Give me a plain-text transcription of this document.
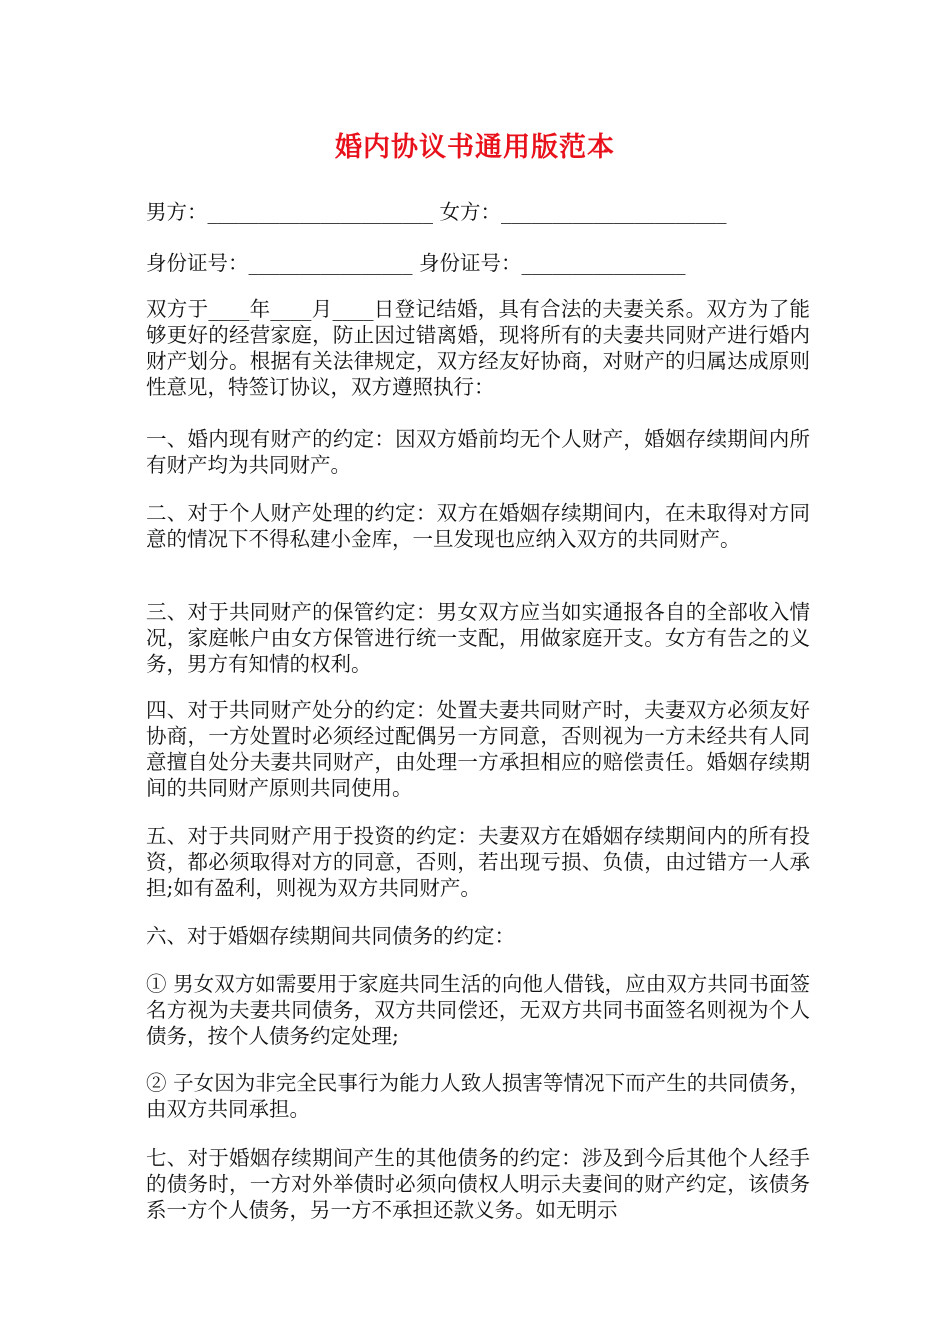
婚内协议书通用版范本
男方：______________________ 女方：______________________
身份证号：________________ 身份证号：________________

双方于____年____月____日登记结婚，具有合法的夫妻关系。双方为了能够更好的经营家庭，防止因过错离婚，现将所有的夫妻共同财产进行婚内财产划分。根据有关法律规定，双方经友好协商，对财产的归属达成原则性意见，特签订协议，双方遵照执行：

一、婚内现有财产的约定：因双方婚前均无个人财产，婚姻存续期间内所有财产均为共同财产。

二、对于个人财产处理的约定：双方在婚姻存续期间内，在未取得对方同意的情况下不得私建小金库，一旦发现也应纳入双方的共同财产。

三、对于共同财产的保管约定：男女双方应当如实通报各自的全部收入情况，家庭帐户由女方保管进行统一支配，用做家庭开支。女方有告之的义务，男方有知情的权利。

四、对于共同财产处分的约定：处置夫妻共同财产时，夫妻双方必须友好协商，一方处置时必须经过配偶另一方同意，否则视为一方未经共有人同意擅自处分夫妻共同财产，由处理一方承担相应的赔偿责任。婚姻存续期间的共同财产原则共同使用。

五、对于共同财产用于投资的约定：夫妻双方在婚姻存续期间内的所有投资，都必须取得对方的同意，否则，若出现亏损、负债，由过错方一人承担;如有盈利，则视为双方共同财产。

六、对于婚姻存续期间共同债务的约定：

① 男女双方如需要用于家庭共同生活的向他人借钱，应由双方共同书面签名方视为夫妻共同债务，双方共同偿还，无双方共同书面签名则视为个人债务，按个人债务约定处理;

② 子女因为非完全民事行为能力人致人损害等情况下而产生的共同债务，由双方共同承担。

七、对于婚姻存续期间产生的其他债务的约定：涉及到今后其他个人经手的债务时，一方对外举债时必须向债权人明示夫妻间的财产约定，该债务系一方个人债务，另一方不承担还款义务。如无明示
